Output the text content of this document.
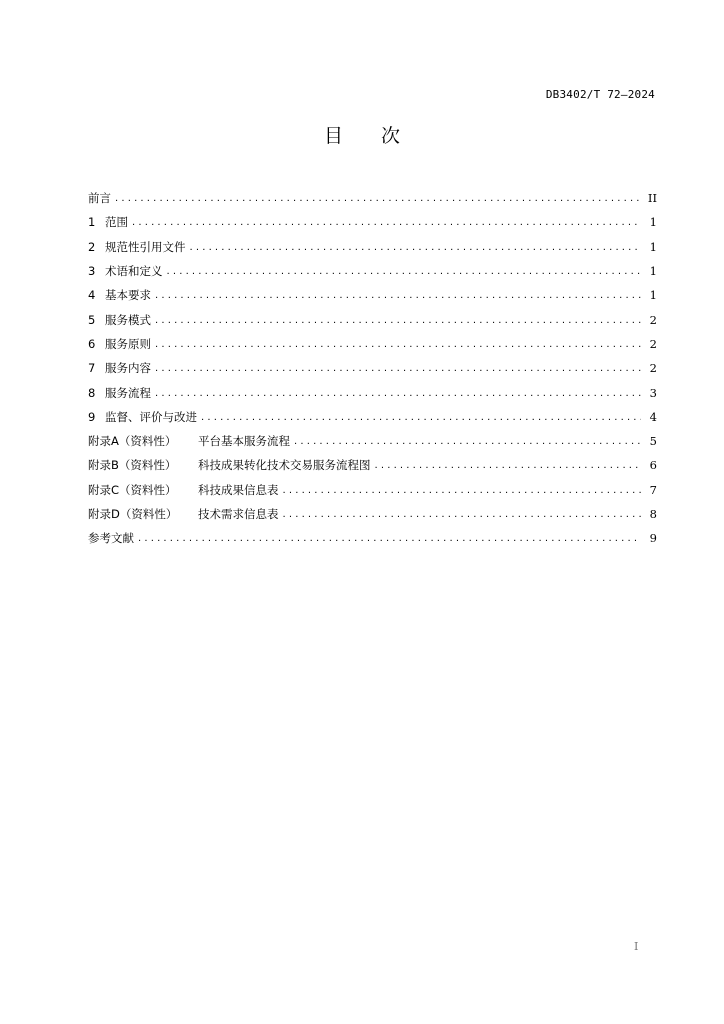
DB3402/T 72—2024
目 次
前言 . . .	II
1 范围 . . .	1
2 规范性引用文件 . . .	1
3 术语和定义 . . .	1
4 基本要求 . . .	1
5 服务模式 . . .	2
6 服务原则 . . .	2
7 服务内容 . . .	2
8 服务流程 . . .	3
9 监督、评价与改进 . . .	4
附录A（资料性）	平台基本服务流程 . . .	5
附录B（资料性）	科技成果转化技术交易服务流程图 . . .	6
附录C（资料性）	科技成果信息表 . . .	7
附录D（资料性）	技术需求信息表 . . .	8
参考文献 . . .	9
I
